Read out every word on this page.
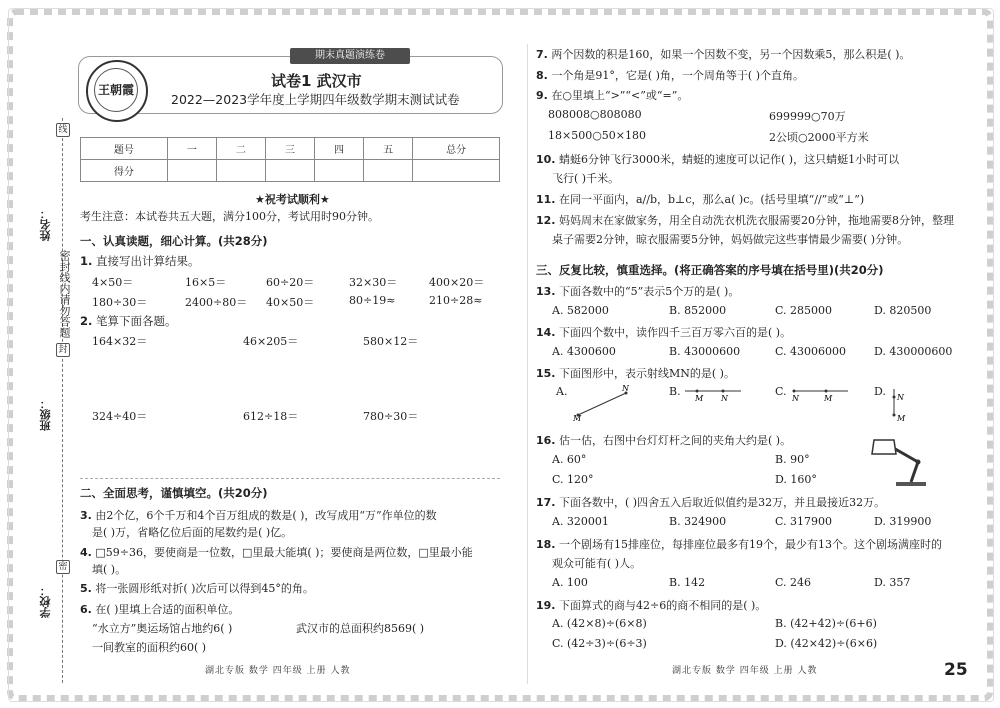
密封线内请勿答题
线
封
密
姓名：
班级：
学校：
期末真题演练卷
王朝霞	试卷1 武汉市
2022—2023学年度上学期四年级数学期末测试试卷
题号	一	二	三	四	五	总分
得分						
★祝考试顺利★
考生注意：本试卷共五大题，满分100分，考试用时90分钟。
一、认真读题，细心计算。(共28分)
1. 直接写出计算结果。
4×50＝	16×5＝	60÷20＝	32×30＝	400×20＝
180÷30＝	2400÷80＝ 40×50＝	80÷19≈	210÷28≈
2. 笔算下面各题。
164×32＝	46×205＝	580×12＝
324÷40＝	612÷18＝	780÷30＝
二、全面思考，谨慎填空。(共20分)
3. 由2个亿，6个千万和4个百万组成的数是( )，改写成用“万”作单位的数
是( )万，省略亿位后面的尾数约是( )亿。
4. □59÷36，要使商是一位数，□里最大能填( )；要使商是两位数，□里最小能
填( )。
5. 将一张圆形纸对折( )次后可以得到45°的角。
6. 在( )里填上合适的面积单位。
“水立方”奥运场馆占地约6( )	武汉市的总面积约8569( )
一间教室的面积约60( )
7. 两个因数的积是160，如果一个因数不变，另一个因数乘5，那么积是( )。
8. 一个角是91°，它是( )角，一个周角等于( )个直角。
9. 在○里填上“>”“<”或“=”。
808008○808080	699999○70万
18×500○50×180	2公顷○2000平方米
10. 蜻蜓6分钟飞行3000米，蜻蜓的速度可以记作( )，这只蜻蜓1小时可以
飞行( )千米。
11. 在同一平面内，a//b，b⊥c，那么a( )c。(括号里填“//”或“⊥”)
12. 妈妈周末在家做家务，用全自动洗衣机洗衣服需要20分钟，拖地需要8分钟，整理
桌子需要2分钟，晾衣服需要5分钟，妈妈做完这些事情最少需要( )分钟。
三、反复比较，慎重选择。(将正确答案的序号填在括号里)(共20分)
13. 下面各数中的“5”表示5个万的是( )。
A. 582000	B. 852000	C. 285000	D. 820500
14. 下面四个数中，读作四千三百万零六百的是( )。
A. 4300600	B. 43000600	C. 43006000	D. 430000600
15. 下面图形中，表示射线MN的是( )。
A.
M
N	B.
M N
C.
N	M
D. N
M
16. 估一估，右图中台灯灯杆之间的夹角大约是( )。
A. 60°	B. 90°
C. 120°	D. 160°
17. 下面各数中，( )四舍五入后取近似值约是32万，并且最接近32万。
A. 320001	B. 324900	C. 317900	D. 319900
18. 一个剧场有15排座位，每排座位最多有19个，最少有13个。这个剧场满座时的
观众可能有( )人。
A. 100	B. 142	C. 246	D. 357
19. 下面算式的商与42÷6的商不相同的是( )。
A. (42×8)÷(6×8)	B. (42+42)÷(6+6)
C. (42÷3)÷(6÷3)	D. (42×42)÷(6×6)
湖北专版 数学 四年级 上册 人教	湖北专版 数学 四年级 上册 人教	25
